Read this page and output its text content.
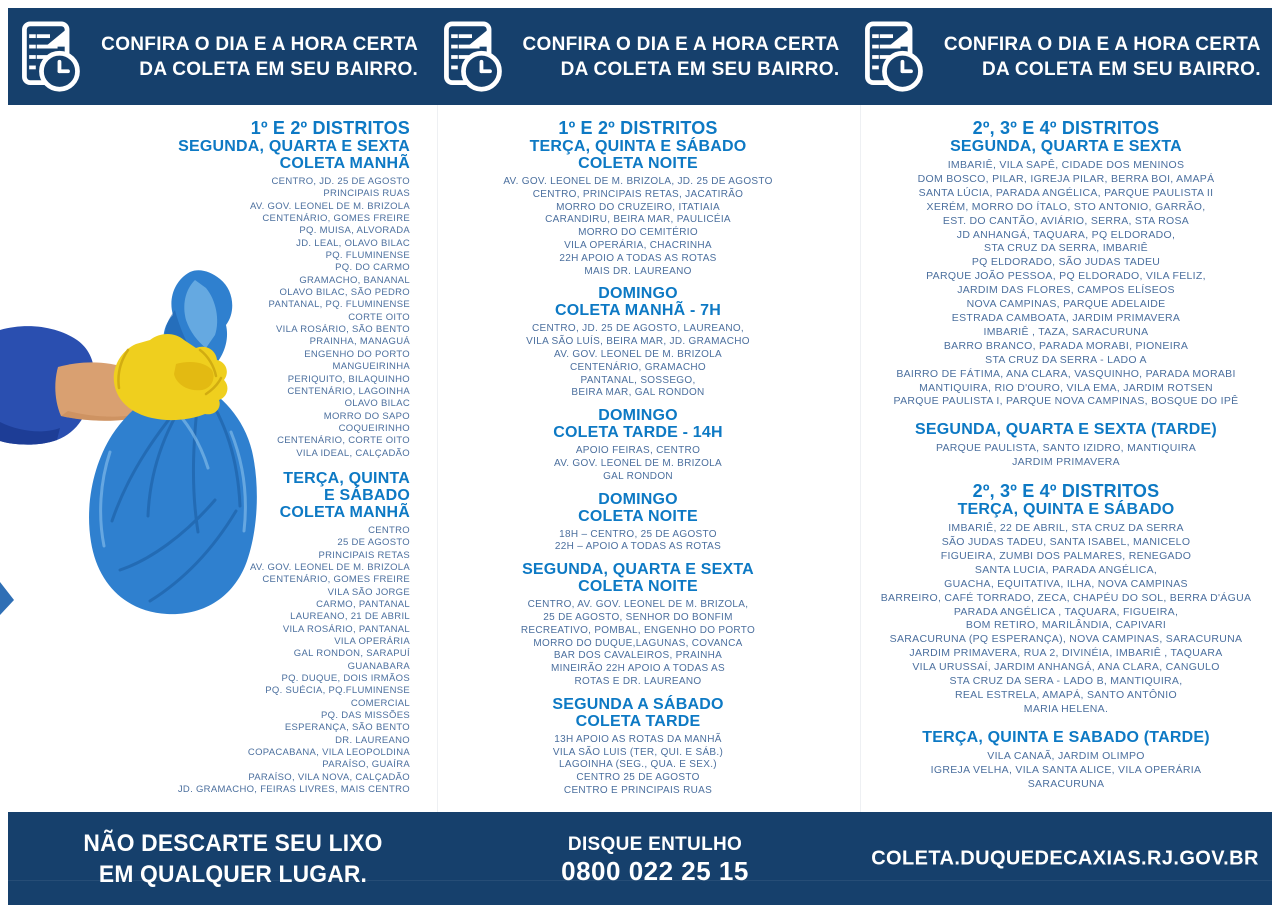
CONFIRA O DIA E A HORA CERTA
DA COLETA EM SEU BAIRRO.
CONFIRA O DIA E A HORA CERTA
DA COLETA EM SEU BAIRRO.
CONFIRA O DIA E A HORA CERTA
DA COLETA EM SEU BAIRRO.
1º E 2º DISTRITOS
SEGUNDA, QUARTA E SEXTA
COLETA MANHÃ

CENTRO, JD. 25 DE AGOSTO

PRINCIPAIS RUAS

AV. GOV. LEONEL DE M. BRIZOLA

CENTENÁRIO, GOMES FREIRE

PQ. MUISA, ALVORADA

JD. LEAL, OLAVO BILAC

PQ. FLUMINENSE

PQ. DO CARMO

GRAMACHO, BANANAL

OLAVO BILAC, SÃO PEDRO

PANTANAL, PQ. FLUMINENSE

CORTE OITO

VILA ROSÁRIO, SÃO BENTO

PRAINHA, MANAGUÁ

ENGENHO DO PORTO

MANGUEIRINHA

PERIQUITO, BILAQUINHO

CENTENÁRIO, LAGOINHA

OLAVO BILAC

MORRO DO SAPO

COQUEIRINHO

CENTENÁRIO, CORTE OITO

VILA IDEAL, CALÇADÃO

TERÇA, QUINTA
E SÁBADO
COLETA MANHÃ

CENTRO

25 DE AGOSTO

PRINCIPAIS RETAS

AV. GOV. LEONEL DE M. BRIZOLA

CENTENÁRIO, GOMES FREIRE

VILA SÃO JORGE

CARMO, PANTANAL

LAUREANO, 21 DE ABRIL

VILA ROSÁRIO, PANTANAL

VILA OPERÁRIA

GAL RONDON, SARAPUÍ

GUANABARA

PQ. DUQUE, DOIS IRMÃOS

PQ. SUÉCIA, PQ.FLUMINENSE

COMERCIAL

PQ. DAS MISSÕES

ESPERANÇA, SÃO BENTO

DR. LAUREANO

COPACABANA, VILA LEOPOLDINA

PARAÍSO, GUAÍRA

PARAÍSO, VILA NOVA, CALÇADÃO

JD. GRAMACHO, FEIRAS LIVRES, MAIS CENTRO

1º E 2º DISTRITOS
TERÇA, QUINTA E SÁBADO
COLETA NOITE

AV. GOV. LEONEL DE M. BRIZOLA, JD. 25 DE AGOSTO

CENTRO, PRINCIPAIS RETAS, JACATIRÃO

MORRO DO CRUZEIRO, ITATIAIA

CARANDIRU, BEIRA MAR, PAULICÉIA

MORRO DO CEMITÉRIO

VILA OPERÁRIA, CHACRINHA

22H APOIO A TODAS AS ROTAS

MAIS DR. LAUREANO

DOMINGO
COLETA MANHÃ - 7H

CENTRO, JD. 25 DE AGOSTO, LAUREANO,

VILA SÃO LUÍS, BEIRA MAR, JD. GRAMACHO

AV. GOV. LEONEL DE M. BRIZOLA

CENTENÁRIO, GRAMACHO

PANTANAL, SOSSEGO,

BEIRA MAR, GAL RONDON

DOMINGO
COLETA TARDE - 14H

APOIO FEIRAS, CENTRO

AV. GOV. LEONEL DE M. BRIZOLA

GAL RONDON

DOMINGO
COLETA NOITE

18H – CENTRO, 25 DE AGOSTO

22H – APOIO A TODAS AS ROTAS

SEGUNDA, QUARTA E SEXTA
COLETA NOITE

CENTRO, AV. GOV. LEONEL DE M. BRIZOLA,

25 DE AGOSTO, SENHOR DO BONFIM

RECREATIVO, POMBAL, ENGENHO DO PORTO

MORRO DO DUQUE,LAGUNAS, COVANCA

BAR DOS CAVALEIROS, PRAINHA

MINEIRÃO 22H APOIO A TODAS AS

ROTAS E DR. LAUREANO

SEGUNDA A SÁBADO
COLETA TARDE

13H APOIO AS ROTAS DA MANHÃ

VILA SÃO LUIS (TER, QUI. E SÁB.)

LAGOINHA (SEG., QUA. E SEX.)

CENTRO 25 DE AGOSTO

CENTRO E PRINCIPAIS RUAS

2º, 3º E 4º DISTRITOS
SEGUNDA, QUARTA E SEXTA

IMBARIÊ, VILA SAPÊ, CIDADE DOS MENINOS

DOM BOSCO, PILAR, IGREJA PILAR, BERRA BOI, AMAPÁ

SANTA LÚCIA, PARADA ANGÉLICA, PARQUE PAULISTA II

XERÉM, MORRO DO ÍTALO, STO ANTONIO, GARRÃO,

EST. DO CANTÃO, AVIÁRIO, SERRA, STA ROSA

JD ANHANGÁ, TAQUARA, PQ ELDORADO,

STA CRUZ DA SERRA, IMBARIÊ

PQ ELDORADO, SÃO JUDAS TADEU

PARQUE JOÃO PESSOA, PQ ELDORADO, VILA FELIZ,

JARDIM DAS FLORES, CAMPOS ELÍSEOS

NOVA CAMPINAS, PARQUE ADELAIDE

ESTRADA CAMBOATA, JARDIM PRIMAVERA

IMBARIÊ , TAZA, SARACURUNA

BARRO BRANCO, PARADA MORABI, PIONEIRA

STA CRUZ DA SERRA - LADO A

BAIRRO DE FÁTIMA, ANA CLARA, VASQUINHO, PARADA MORABI

MANTIQUIRA, RIO D'OURO, VILA EMA, JARDIM ROTSEN

PARQUE PAULISTA I, PARQUE NOVA CAMPINAS, BOSQUE DO IPÊ

SEGUNDA, QUARTA E SEXTA (TARDE)

PARQUE PAULISTA, SANTO IZIDRO, MANTIQUIRA

JARDIM PRIMAVERA

2º, 3º E 4º DISTRITOS
TERÇA, QUINTA E SÁBADO

IMBARIÊ, 22 DE ABRIL, STA CRUZ DA SERRA

SÃO JUDAS TADEU, SANTA ISABEL, MANICELO

FIGUEIRA, ZUMBI DOS PALMARES, RENEGADO

SANTA LUCIA, PARADA ANGÉLICA,

GUACHA, EQUITATIVA, ILHA, NOVA CAMPINAS

BARREIRO, CAFÉ TORRADO, ZECA, CHAPÉU DO SOL, BERRA D'ÁGUA

PARADA ANGÉLICA , TAQUARA, FIGUEIRA,

BOM RETIRO, MARILÂNDIA, CAPIVARI

SARACURUNA (PQ ESPERANÇA), NOVA CAMPINAS, SARACURUNA

JARDIM PRIMAVERA, RUA 2, DIVINÉIA, IMBARIÊ , TAQUARA

VILA URUSSAÍ, JARDIM ANHANGÁ, ANA CLARA, CANGULO

STA CRUZ DA SERA - LADO B, MANTIQUIRA,

REAL ESTRELA, AMAPÁ, SANTO ANTÔNIO

MARIA HELENA.

TERÇA, QUINTA E SABADO (TARDE)

VILA CANAÃ, JARDIM OLIMPO

IGREJA VELHA, VILA SANTA ALICE, VILA OPERÁRIA

SARACURUNA

NÃO DESCARTE SEU LIXO
EM QUALQUER LUGAR.
DISQUE ENTULHO
0800 022 25 15	COLETA.DUQUEDECAXIAS.RJ.GOV.BR
